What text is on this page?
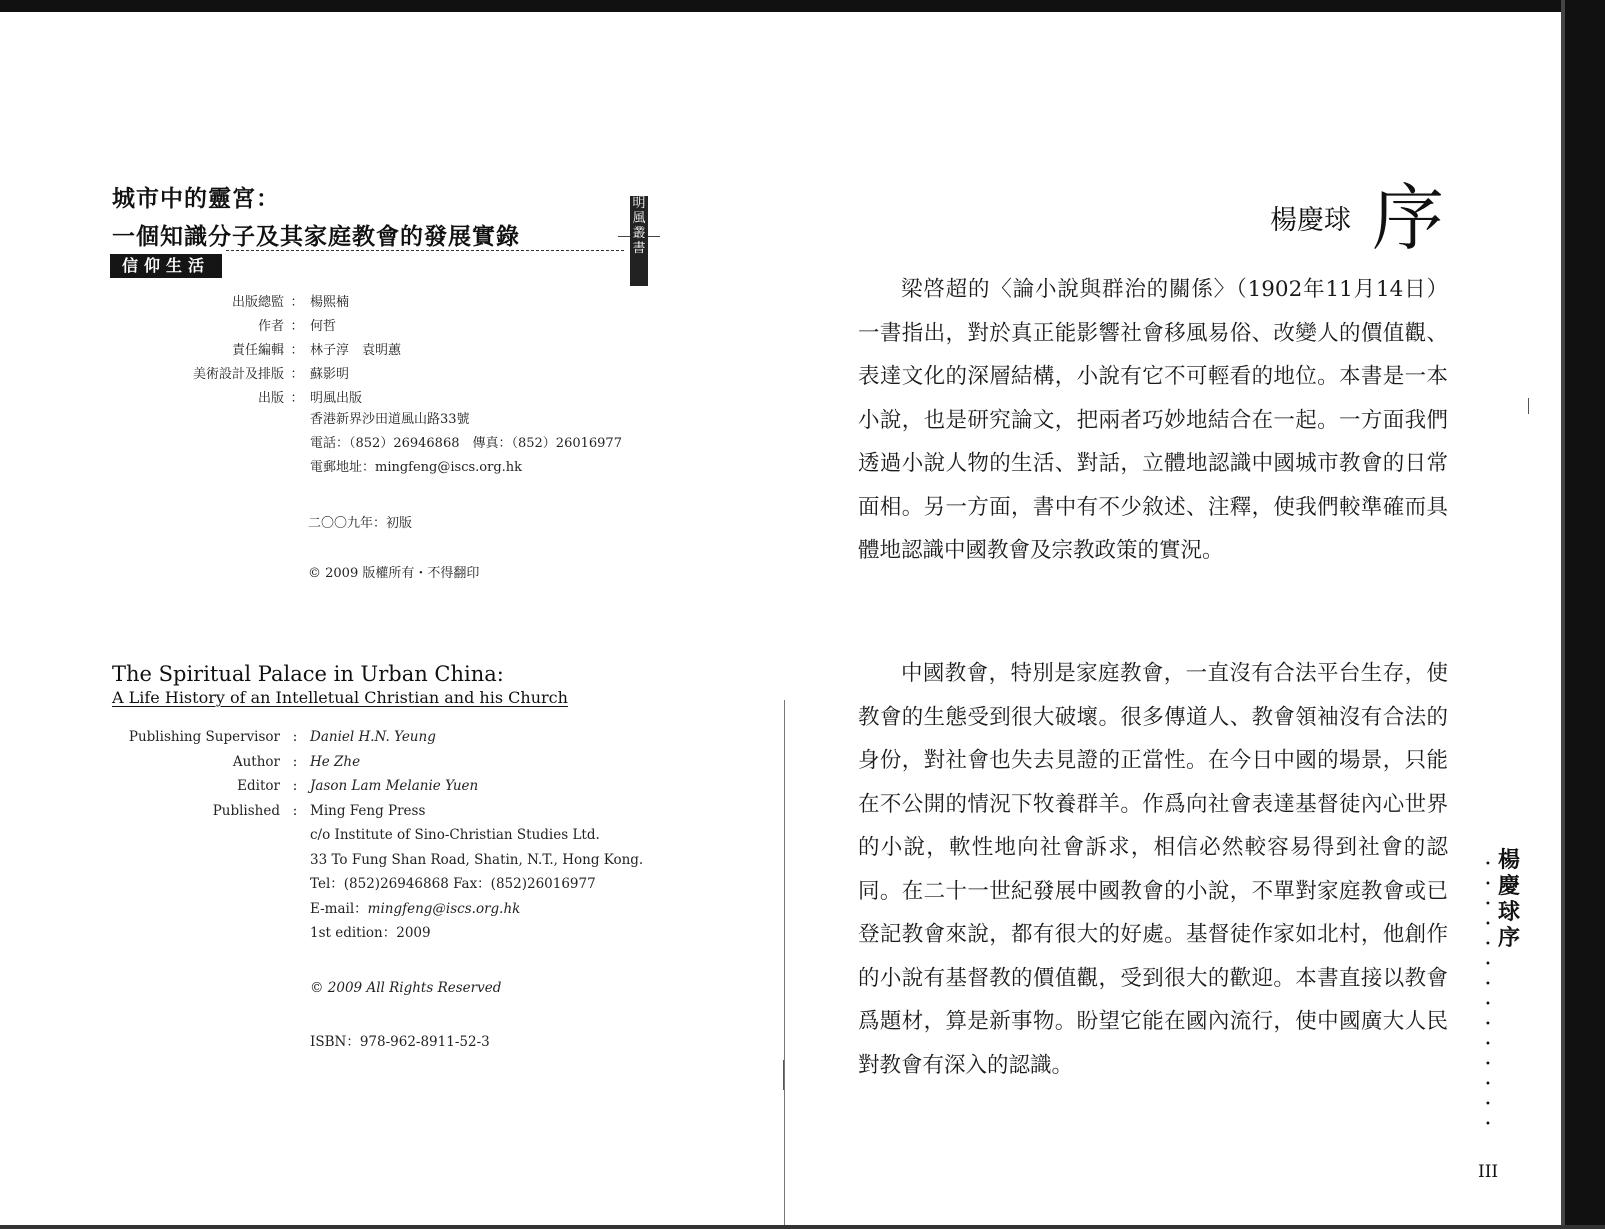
城市中的靈宮：
一個知識分子及其家庭教會的發展實錄
信仰生活
明
風
叢
書
出版總監 ： 楊熙楠
作者 ： 何哲
責任編輯 ： 林子淳　袁明蕙
美術設計及排版 ： 蘇影明
出版 ： 明風出版
香港新界沙田道風山路33號
電話：（852）26946868　傳真：（852）26016977
電郵地址：mingfeng@iscs.org.hk
二〇〇九年：初版
© 2009 版權所有・不得翻印
The Spiritual Palace in Urban China:
A Life History of an Intelletual Christian and his Church
Publishing Supervisor : Daniel H.N. Yeung
Author : He Zhe
Editor : Jason Lam Melanie Yuen
Published : Ming Feng Press
c/o Institute of Sino-Christian Studies Ltd.
33 To Fung Shan Road, Shatin, N.T., Hong Kong.
Tel：(852)26946868 Fax：(852)26016977
E-mail：mingfeng@iscs.org.hk
1st edition：2009
© 2009 All Rights Reserved
ISBN：978-962-8911-52-3
楊慶球 序

梁啓超的〈論小說與群治的關係〉（1902年11月14日）一書指出，對於真正能影響社會移風易俗、改變人的價值觀、表達文化的深層結構，小說有它不可輕看的地位。本書是一本小說，也是研究論文，把兩者巧妙地結合在一起。一方面我們透過小說人物的生活、對話，立體地認識中國城市教會的日常面相。另一方面，書中有不少敘述、注釋，使我們較準確而具體地認識中國教會及宗教政策的實況。

中國教會，特別是家庭教會，一直沒有合法平台生存，使教會的生態受到很大破壞。很多傳道人、教會領袖沒有合法的身份，對社會也失去見證的正當性。在今日中國的場景，只能在不公開的情況下牧養群羊。作爲向社會表達基督徒內心世界的小說，軟性地向社會訴求，相信必然較容易得到社會的認同。在二十一世紀發展中國教會的小說，不單對家庭教會或已登記教會來說，都有很大的好處。基督徒作家如北村，他創作的小說有基督教的價值觀，受到很大的歡迎。本書直接以教會爲題材，算是新事物。盼望它能在國內流行，使中國廣大人民對教會有深入的認識。

•
•
•
•
•
•
•
•
•
•
•
•
•
•
楊
慶
球
序
III
